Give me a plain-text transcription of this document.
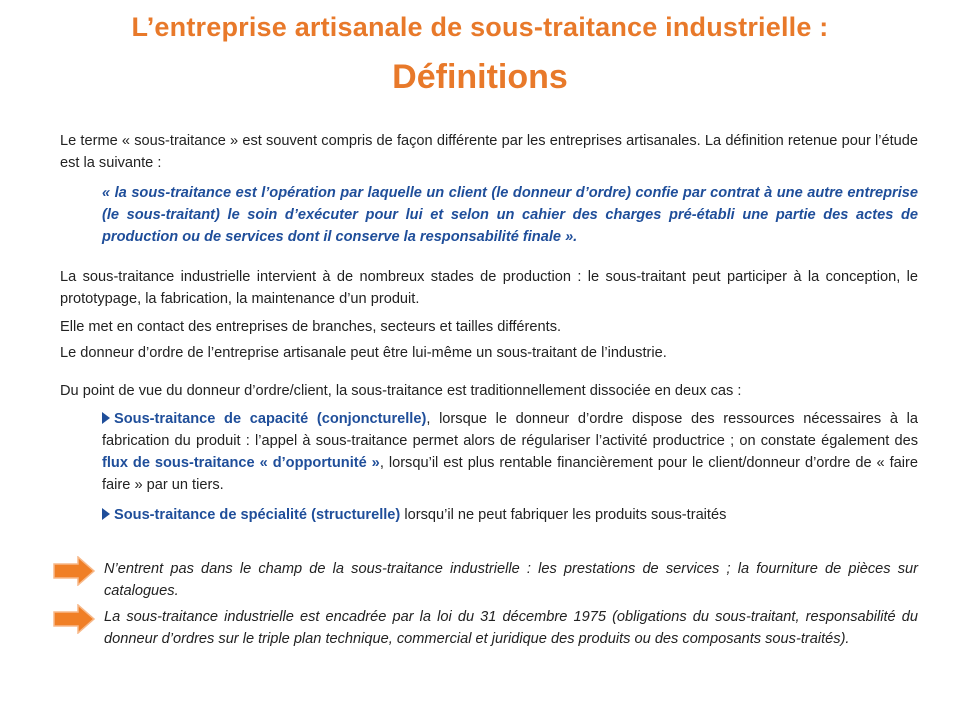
L’entreprise artisanale de sous-traitance industrielle :
Définitions
Le terme « sous-traitance » est souvent compris de façon différente par les entreprises artisanales. La définition retenue pour l’étude est la suivante :
« la sous-traitance est l’opération par laquelle un client (le donneur d’ordre) confie par contrat à une autre entreprise (le sous-traitant) le soin d’exécuter pour lui et selon un cahier des charges pré-établi une partie des actes de production ou de services dont il conserve la responsabilité finale ».
La sous-traitance industrielle intervient à de nombreux stades de production : le sous-traitant peut participer à la conception, le prototypage, la fabrication, la maintenance d’un produit.
Elle met en contact des entreprises de branches, secteurs et tailles différents.
Le donneur d’ordre de l’entreprise artisanale peut être lui-même un sous-traitant de l’industrie.
Du point de vue du donneur d’ordre/client, la sous-traitance est traditionnellement dissociée en deux cas :
Sous-traitance de capacité (conjoncturelle), lorsque le donneur d’ordre dispose des ressources nécessaires à la fabrication du produit : l’appel à sous-traitance permet alors de régulariser l’activité productrice ; on constate également des flux de sous-traitance « d’opportunité », lorsqu’il est plus rentable financièrement pour le client/donneur d’ordre de « faire faire » par un tiers.
Sous-traitance de spécialité (structurelle) lorsqu’il ne peut fabriquer les produits sous-traités
N’entrent pas dans le champ de la sous-traitance industrielle : les prestations de services ; la fourniture de pièces sur catalogues.
La sous-traitance industrielle est encadrée par la loi du 31 décembre 1975 (obligations du sous-traitant, responsabilité du donneur d’ordres sur le triple plan technique, commercial et juridique des produits ou des composants sous-traités).
